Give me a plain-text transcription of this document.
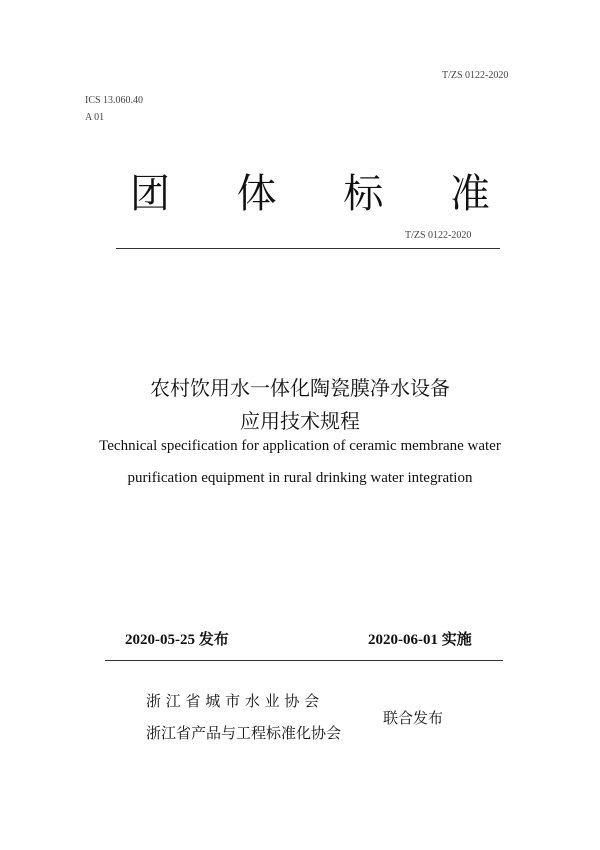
T/ZS 0122-2020
ICS 13.060.40
A 01
团 体 标 准
T/ZS 0122-2020
农村饮用水一体化陶瓷膜净水设备
应用技术规程
Technical specification for application of ceramic membrane water
purification equipment in rural drinking water integration
2020-05-25 发布	2020-06-01 实施
浙 江 省 城 市 水 业 协 会
浙江省产品与工程标准化协会
联合发布
